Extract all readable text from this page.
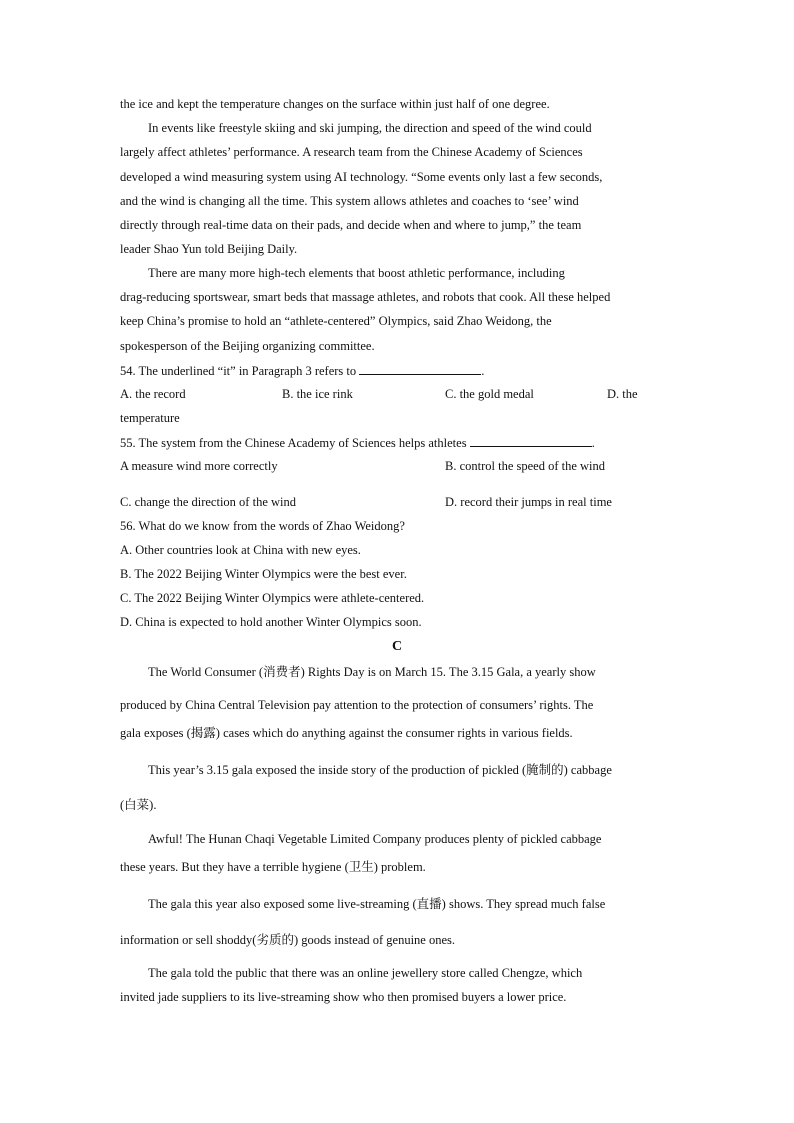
the ice and kept the temperature changes on the surface within just half of one degree.
In events like freestyle skiing and ski jumping, the direction and speed of the wind could
largely affect athletes’ performance. A research team from the Chinese Academy of Sciences
developed a wind measuring system using AI technology. “Some events only last a few seconds,
and the wind is changing all the time. This system allows athletes and coaches to ‘see’ wind
directly through real-time data on their pads, and decide when and where to jump,” the team
leader Shao Yun told Beijing Daily.
There are many more high-tech elements that boost athletic performance, including
drag-reducing sportswear, smart beds that massage athletes, and robots that cook. All these helped
keep China’s promise to hold an “athlete-centered” Olympics, said Zhao Weidong, the
spokesperson of the Beijing organizing committee.
54. The underlined “it” in Paragraph 3 refers to	.
A. the record	B. the ice rink	C. the gold medal	D. the
temperature
55. The system from the Chinese Academy of Sciences helps athletes	.
A measure wind more correctly	B. control the speed of the wind
C. change the direction of the wind	D. record their jumps in real time
56. What do we know from the words of Zhao Weidong?
A. Other countries look at China with new eyes.
B. The 2022 Beijing Winter Olympics were the best ever.
C. The 2022 Beijing Winter Olympics were athlete-centered.
D. China is expected to hold another Winter Olympics soon.
C
The World Consumer (消费者) Rights Day is on March 15. The 3.15 Gala, a yearly show
produced by China Central Television pay attention to the protection of consumers’ rights. The
gala exposes (揭露) cases which do anything against the consumer rights in various fields.
This year’s 3.15 gala exposed the inside story of the production of pickled (腌制的) cabbage
(白菜).
Awful! The Hunan Chaqi Vegetable Limited Company produces plenty of pickled cabbage
these years. But they have a terrible hygiene (卫生) problem.
The gala this year also exposed some live-streaming (直播) shows. They spread much false
information or sell shoddy(劣质的) goods instead of genuine ones.
The gala told the public that there was an online jewellery store called Chengze, which
invited jade suppliers to its live-streaming show who then promised buyers a lower price.
